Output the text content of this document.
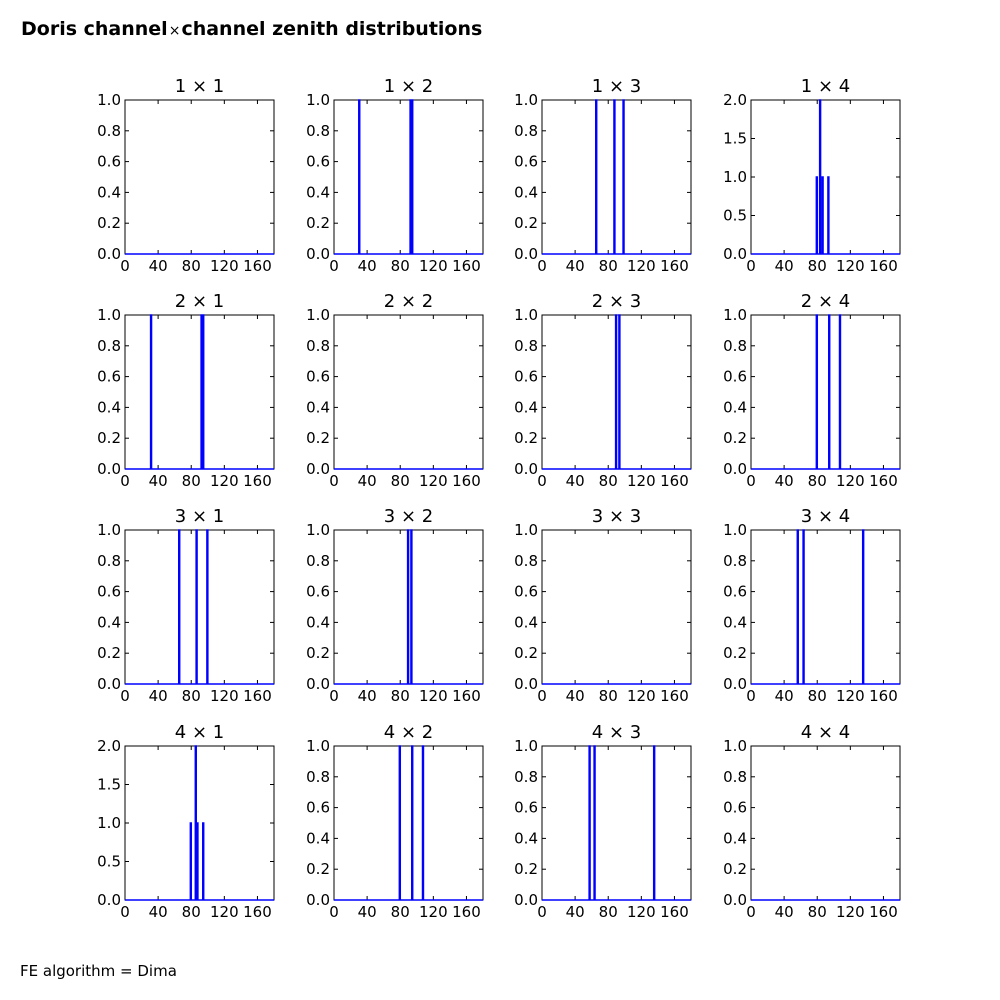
Doris channel×channel zenith distributions
1 × 1
0 40 80 120 160
0.0
0.2
0.4
0.6
0.8
1.0
1 × 2
0 40 80 120 160
0.0
0.2
0.4
0.6
0.8
1.0
1 × 3
0 40 80 120 160
0.0
0.2
0.4
0.6
0.8
1.0
1 × 4
0 40 80 120 160
0.0
0.5
1.0
1.5
2.0
2 × 1
0 40 80 120 160
0.0
0.2
0.4
0.6
0.8
1.0
2 × 2
0 40 80 120 160
0.0
0.2
0.4
0.6
0.8
1.0
2 × 3
0 40 80 120 160
0.0
0.2
0.4
0.6
0.8
1.0
2 × 4
0 40 80 120 160
0.0
0.2
0.4
0.6
0.8
1.0
3 × 1
0 40 80 120 160
0.0
0.2
0.4
0.6
0.8
1.0
3 × 2
0 40 80 120 160
0.0
0.2
0.4
0.6
0.8
1.0
3 × 3
0 40 80 120 160
0.0
0.2
0.4
0.6
0.8
1.0
3 × 4
0 40 80 120 160
0.0
0.2
0.4
0.6
0.8
1.0
4 × 1
0 40 80 120 160
0.0
0.5
1.0
1.5
2.0
4 × 2
0 40 80 120 160
0.0
0.2
0.4
0.6
0.8
1.0
4 × 3
0 40 80 120 160
0.0
0.2
0.4
0.6
0.8
1.0
4 × 4
0 40 80 120 160
0.0
0.2
0.4
0.6
0.8
1.0
FE algorithm = Dima
